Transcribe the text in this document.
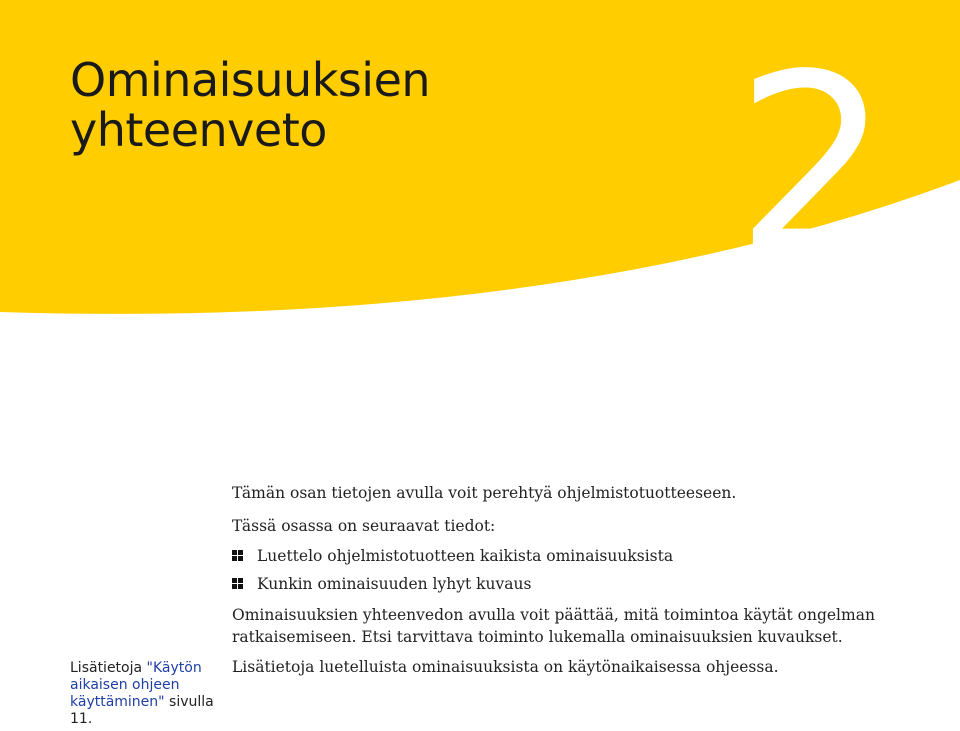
Ominaisuuksien
yhteenveto	2

Tämän osan tietojen avulla voit perehtyä ohjelmistotuotteeseen.

Tässä osassa on seuraavat tiedot:

Luettelo ohjelmistotuotteen kaikista ominaisuuksista
Kunkin ominaisuuden lyhyt kuvaus

Ominaisuuksien yhteenvedon avulla voit päättää, mitä toimintoa käytät ongelman ratkaisemiseen. Etsi tarvittava toiminto lukemalla ominaisuuksien kuvaukset.

Lisätietoja luetelluista ominaisuuksista on käytönaikaisessa ohjeessa.

Lisätietoja "Käytön aikaisen ohjeen käyttäminen" sivulla 11.
